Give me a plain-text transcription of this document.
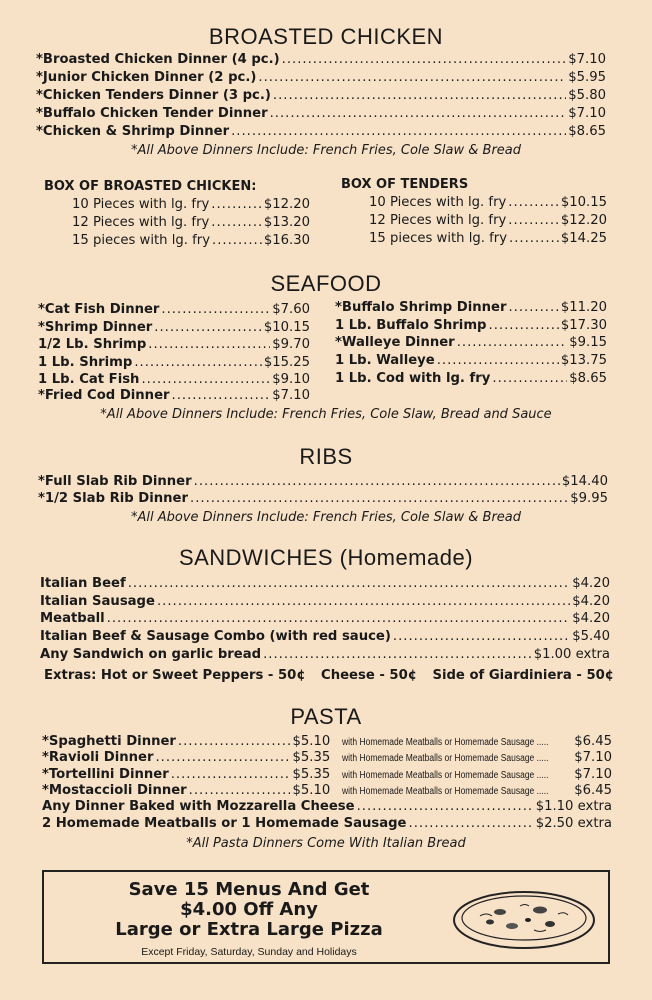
BROASTED CHICKEN
*Broasted Chicken Dinner (4 pc.) .....	$7.10
*Junior Chicken Dinner (2 pc.) .....	$5.95
*Chicken Tenders Dinner (3 pc.) .....	$5.80
*Buffalo Chicken Tender Dinner .....	$7.10
*Chicken & Shrimp Dinner .....	$8.65
*All Above Dinners Include: French Fries, Cole Slaw & Bread
BOX OF BROASTED CHICKEN:
10 Pieces with lg. fry .....	$12.20
12 Pieces with lg. fry .....	$13.20
15 pieces with lg. fry .....	$16.30
BOX OF TENDERS
10 Pieces with lg. fry .....	$10.15
12 Pieces with lg. fry .....	$12.20
15 pieces with lg. fry .....	$14.25
SEAFOOD
*Cat Fish Dinner .....	$7.60
*Shrimp Dinner .....	$10.15
1/2 Lb. Shrimp .....	$9.70
1 Lb. Shrimp .....	$15.25
1 Lb. Cat Fish .....	$9.10
*Fried Cod Dinner .....	$7.10
*Buffalo Shrimp Dinner .....	$11.20
1 Lb. Buffalo Shrimp .....	$17.30
*Walleye Dinner .....	$9.15
1 Lb. Walleye .....	$13.75
1 Lb. Cod with lg. fry .....	$8.65
*All Above Dinners Include: French Fries, Cole Slaw, Bread and Sauce
RIBS
*Full Slab Rib Dinner .....	$14.40
*1/2 Slab Rib Dinner .....	$9.95
*All Above Dinners Include: French Fries, Cole Slaw & Bread
SANDWICHES (Homemade)
Italian Beef .....	$4.20
Italian Sausage .....	$4.20
Meatball .....	$4.20
Italian Beef & Sausage Combo (with red sauce) .....	$5.40
Any Sandwich on garlic bread .....	$1.00 extra
Extras: Hot or Sweet Peppers - 50¢ Cheese - 50¢ Side of Giardiniera - 50¢
PASTA
*Spaghetti Dinner .....	$5.10 with Homemade Meatballs or Homemade Sausage ..... $6.45
*Ravioli Dinner .....	$5.35 with Homemade Meatballs or Homemade Sausage ..... $7.10
*Tortellini Dinner .....	$5.35 with Homemade Meatballs or Homemade Sausage ..... $7.10
*Mostaccioli Dinner .....	$5.10 with Homemade Meatballs or Homemade Sausage ..... $6.45
Any Dinner Baked with Mozzarella Cheese .....	$1.10 extra
2 Homemade Meatballs or 1 Homemade Sausage .....	$2.50 extra
*All Pasta Dinners Come With Italian Bread
Save 15 Menus And Get
$4.00 Off Any
Large or Extra Large Pizza
Except Friday, Saturday, Sunday and Holidays
